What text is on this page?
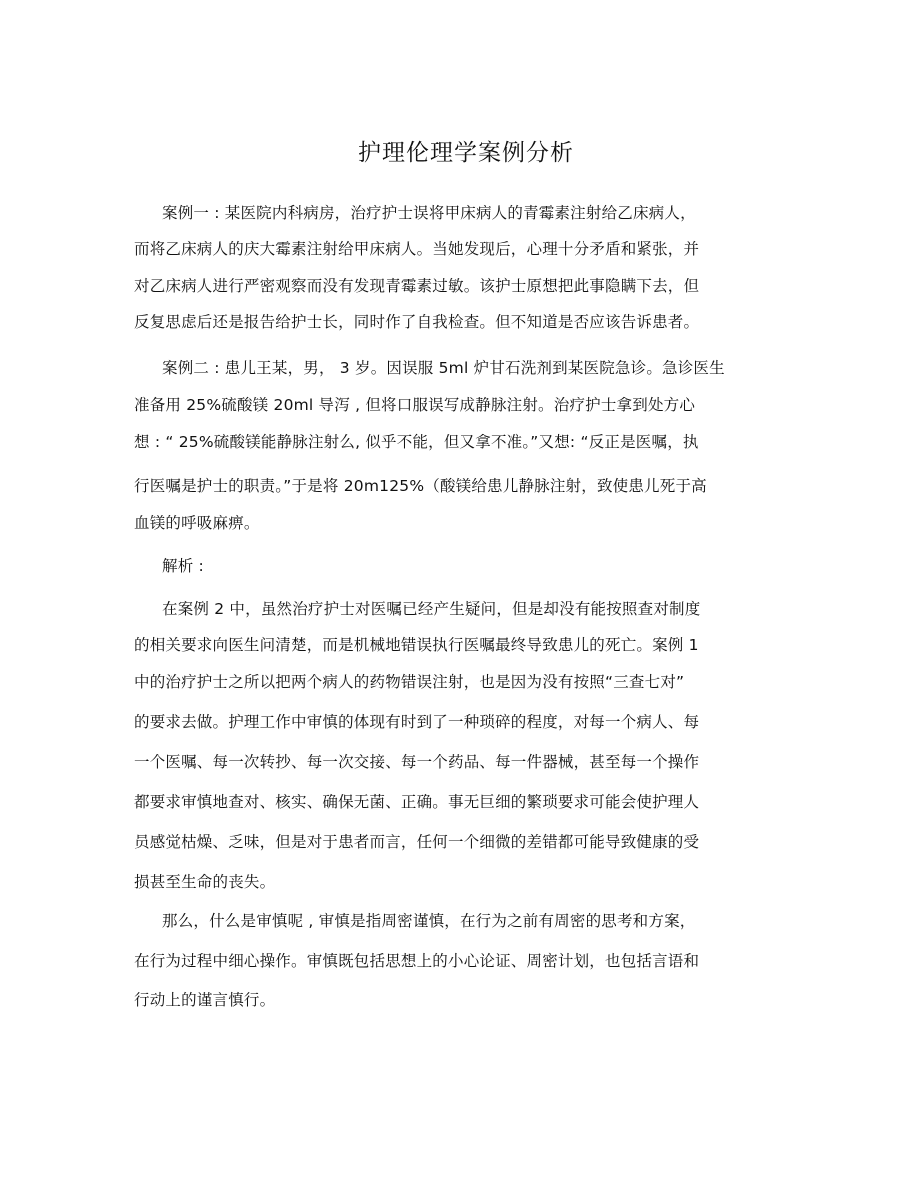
护理伦理学案例分析
案例一 : 某医院内科病房，治疗护士误将甲床病人的青霉素注射给乙床病人，
而将乙床病人的庆大霉素注射给甲床病人。当她发现后，心理十分矛盾和紧张，并
对乙床病人进行严密观察而没有发现青霉素过敏。该护士原想把此事隐瞒下去，但
反复思虑后还是报告给护士长，同时作了自我检查。但不知道是否应该告诉患者。
案例二 : 患儿王某，男， 3 岁。因误服 5ml 炉甘石洗剂到某医院急诊。急诊医生
准备用 25%硫酸镁 20ml 导泻 , 但将口服误写成静脉注射。治疗护士拿到处方心
想 : “ 25%硫酸镁能静脉注射么, 似乎不能，但又拿不准。”又想: “反正是医嘱，执
行医嘱是护士的职责。”于是将 20m125%（酸镁给患儿静脉注射，致使患儿死于高
血镁的呼吸麻痹。
解析 :
在案例 2 中，虽然治疗护士对医嘱已经产生疑问，但是却没有能按照查对制度
的相关要求向医生问清楚，而是机械地错误执行医嘱最终导致患儿的死亡。案例 1
中的治疗护士之所以把两个病人的药物错误注射，也是因为没有按照“三查七对”
的要求去做。护理工作中审慎的体现有时到了一种琐碎的程度，对每一个病人、每
一个医嘱、每一次转抄、每一次交接、每一个药品、每一件器械，甚至每一个操作
都要求审慎地查对、核实、确保无菌、正确。事无巨细的繁琐要求可能会使护理人
员感觉枯燥、乏味，但是对于患者而言，任何一个细微的差错都可能导致健康的受
损甚至生命的丧失。
那么，什么是审慎呢 , 审慎是指周密谨慎，在行为之前有周密的思考和方案，
在行为过程中细心操作。审慎既包括思想上的小心论证、周密计划，也包括言语和
行动上的谨言慎行。
